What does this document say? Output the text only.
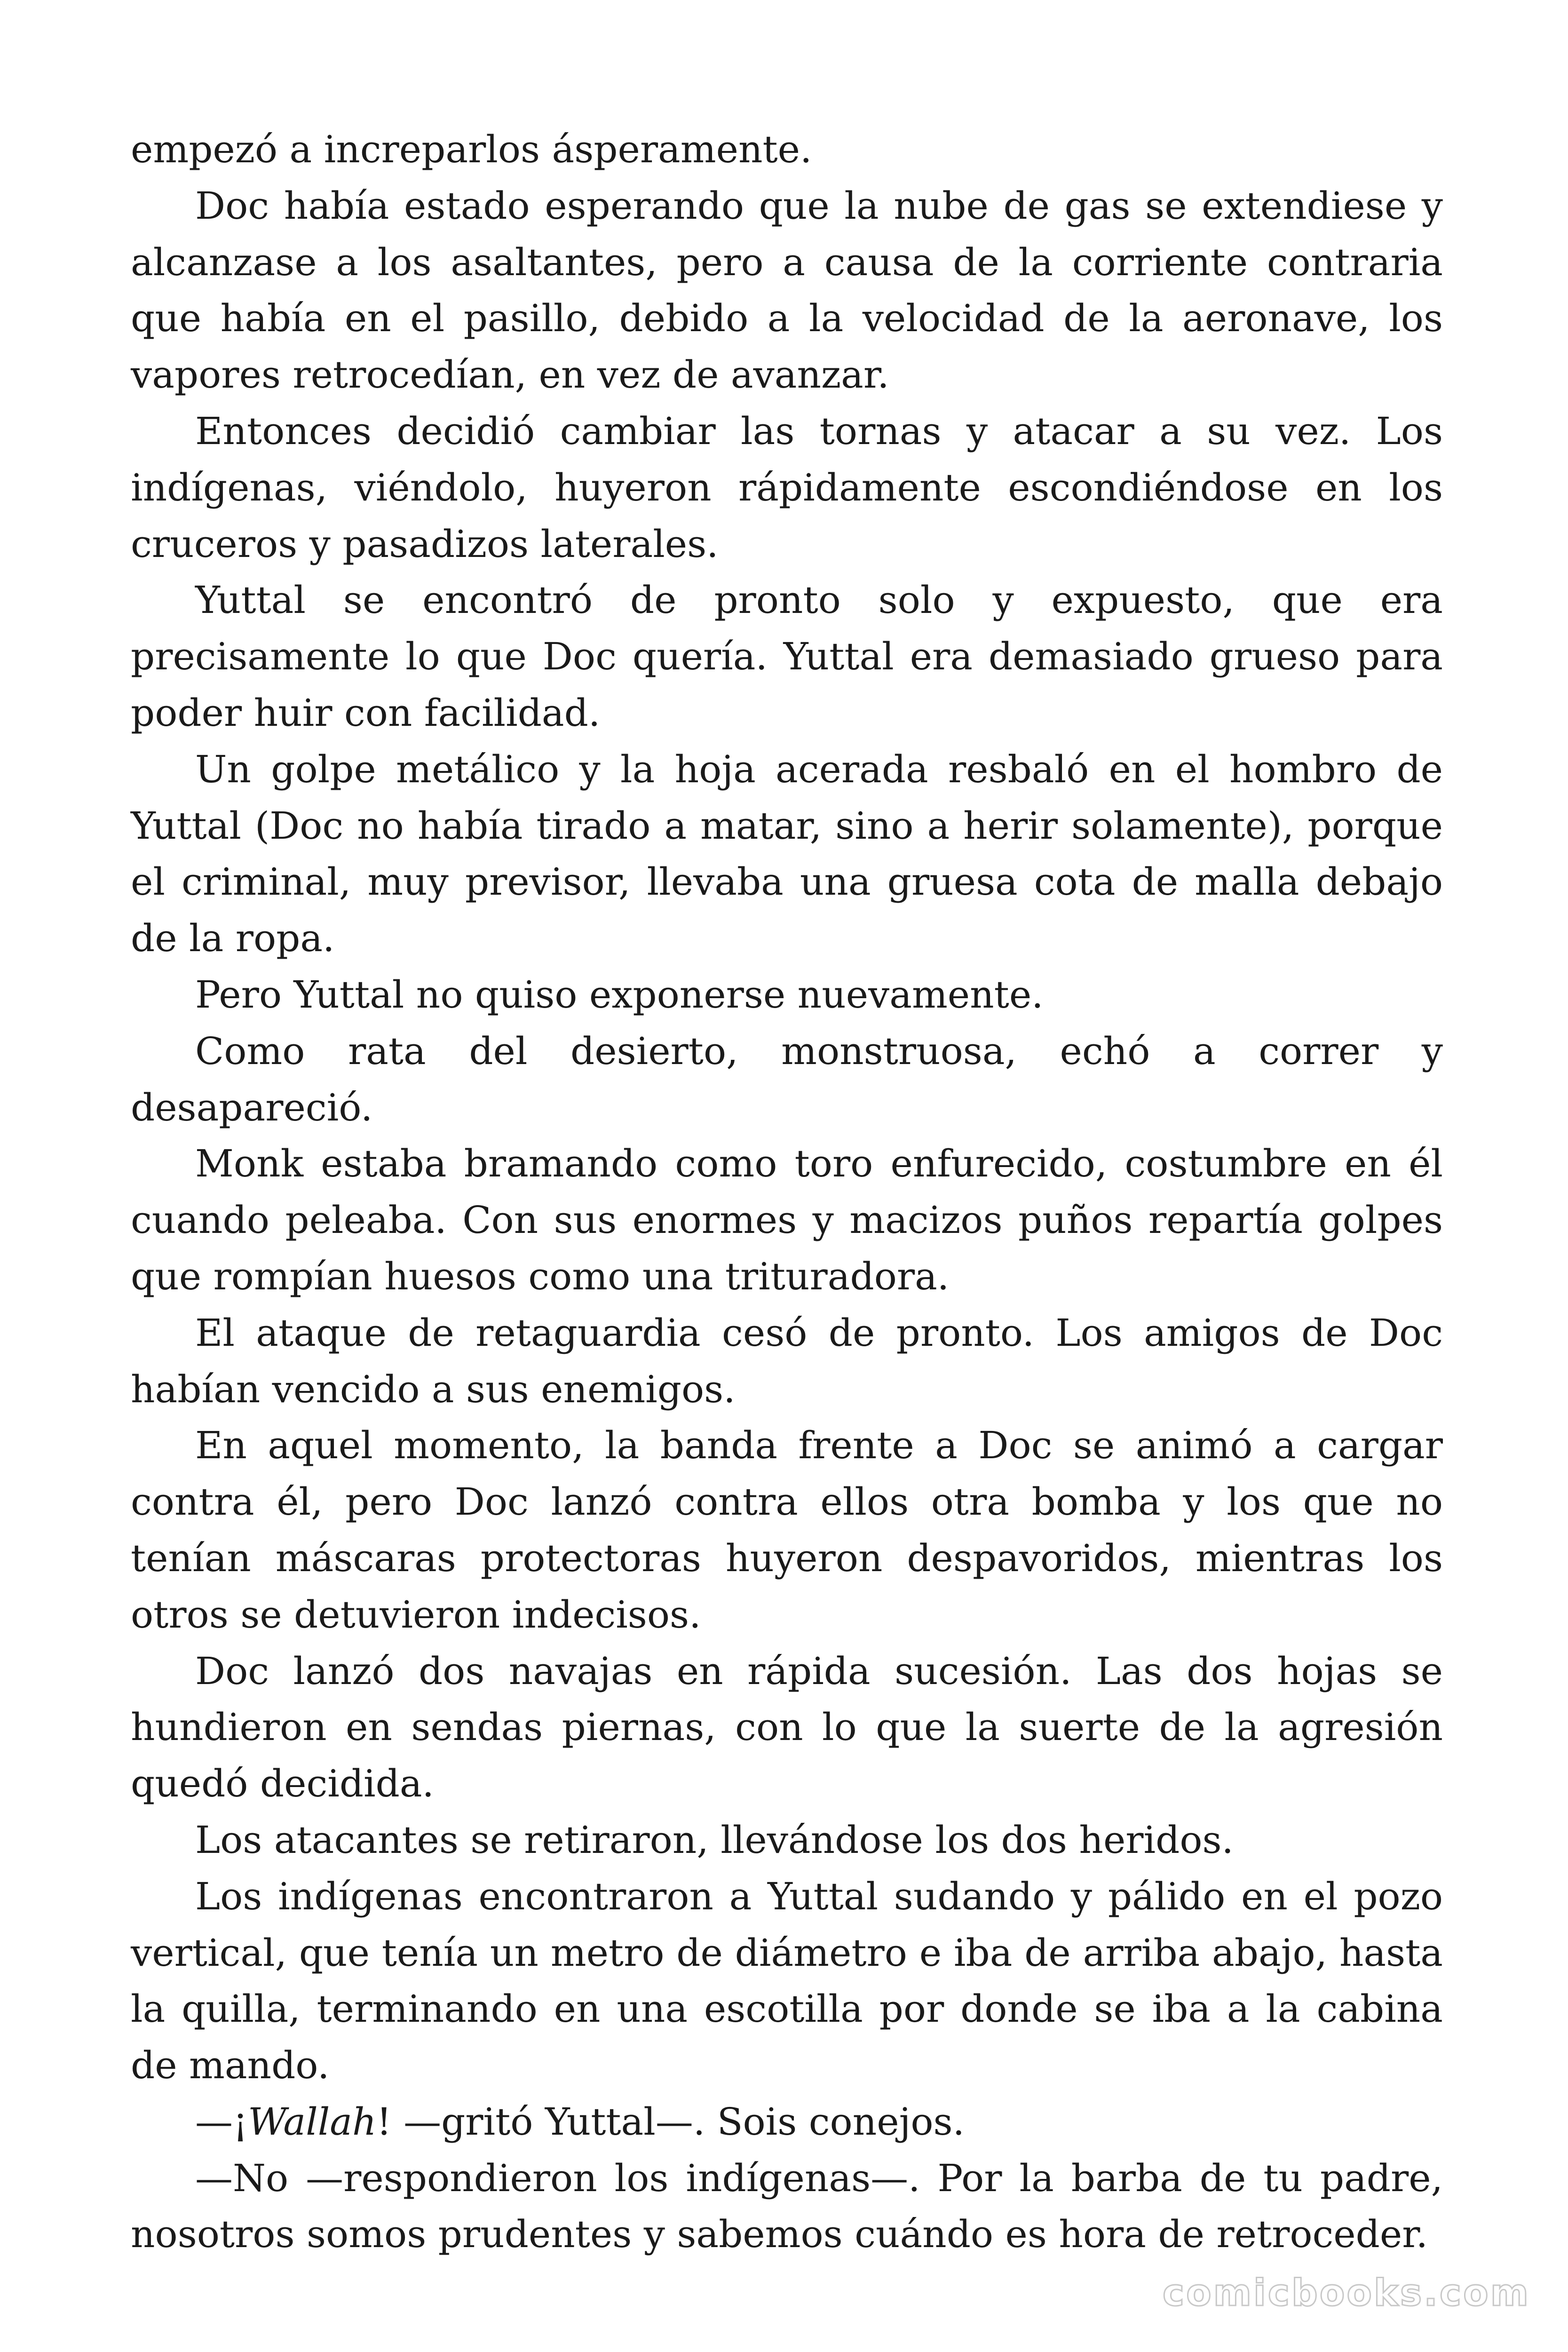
empezó a increparlos ásperamente.

Doc había estado esperando que la nube de gas se extendiese y alcanzase a los asaltantes, pero a causa de la corriente contraria que había en el pasillo, debido a la velocidad de la aeronave, los vapores retrocedían, en vez de avanzar.

Entonces decidió cambiar las tornas y atacar a su vez. Los indígenas, viéndolo, huyeron rápidamente escondiéndose en los cruceros y pasadizos laterales.

Yuttal se encontró de pronto solo y expuesto, que era precisamente lo que Doc quería. Yuttal era demasiado grueso para poder huir con facilidad.

Un golpe metálico y la hoja acerada resbaló en el hombro de Yuttal (Doc no había tirado a matar, sino a herir solamente), porque el criminal, muy previsor, llevaba una gruesa cota de malla debajo de la ropa.

Pero Yuttal no quiso exponerse nuevamente.

Como rata del desierto, monstruosa, echó a correr y desapareció.

Monk estaba bramando como toro enfurecido, costumbre en él cuando peleaba. Con sus enormes y macizos puños repartía golpes que rompían huesos como una trituradora.

El ataque de retaguardia cesó de pronto. Los amigos de Doc habían vencido a sus enemigos.

En aquel momento, la banda frente a Doc se animó a cargar contra él, pero Doc lanzó contra ellos otra bomba y los que no tenían máscaras protectoras huyeron despavoridos, mientras los otros se detuvieron indecisos.

Doc lanzó dos navajas en rápida sucesión. Las dos hojas se hundieron en sendas piernas, con lo que la suerte de la agresión quedó decidida.

Los atacantes se retiraron, llevándose los dos heridos.

Los indígenas encontraron a Yuttal sudando y pálido en el pozo vertical, que tenía un metro de diámetro e iba de arriba abajo, hasta la quilla, terminando en una escotilla por donde se iba a la cabina de mando.

—¡Wallah! —gritó Yuttal—. Sois conejos.

—No —respondieron los indígenas—. Por la barba de tu padre, nosotros somos prudentes y sabemos cuándo es hora de retroceder.

comicbooks.com
